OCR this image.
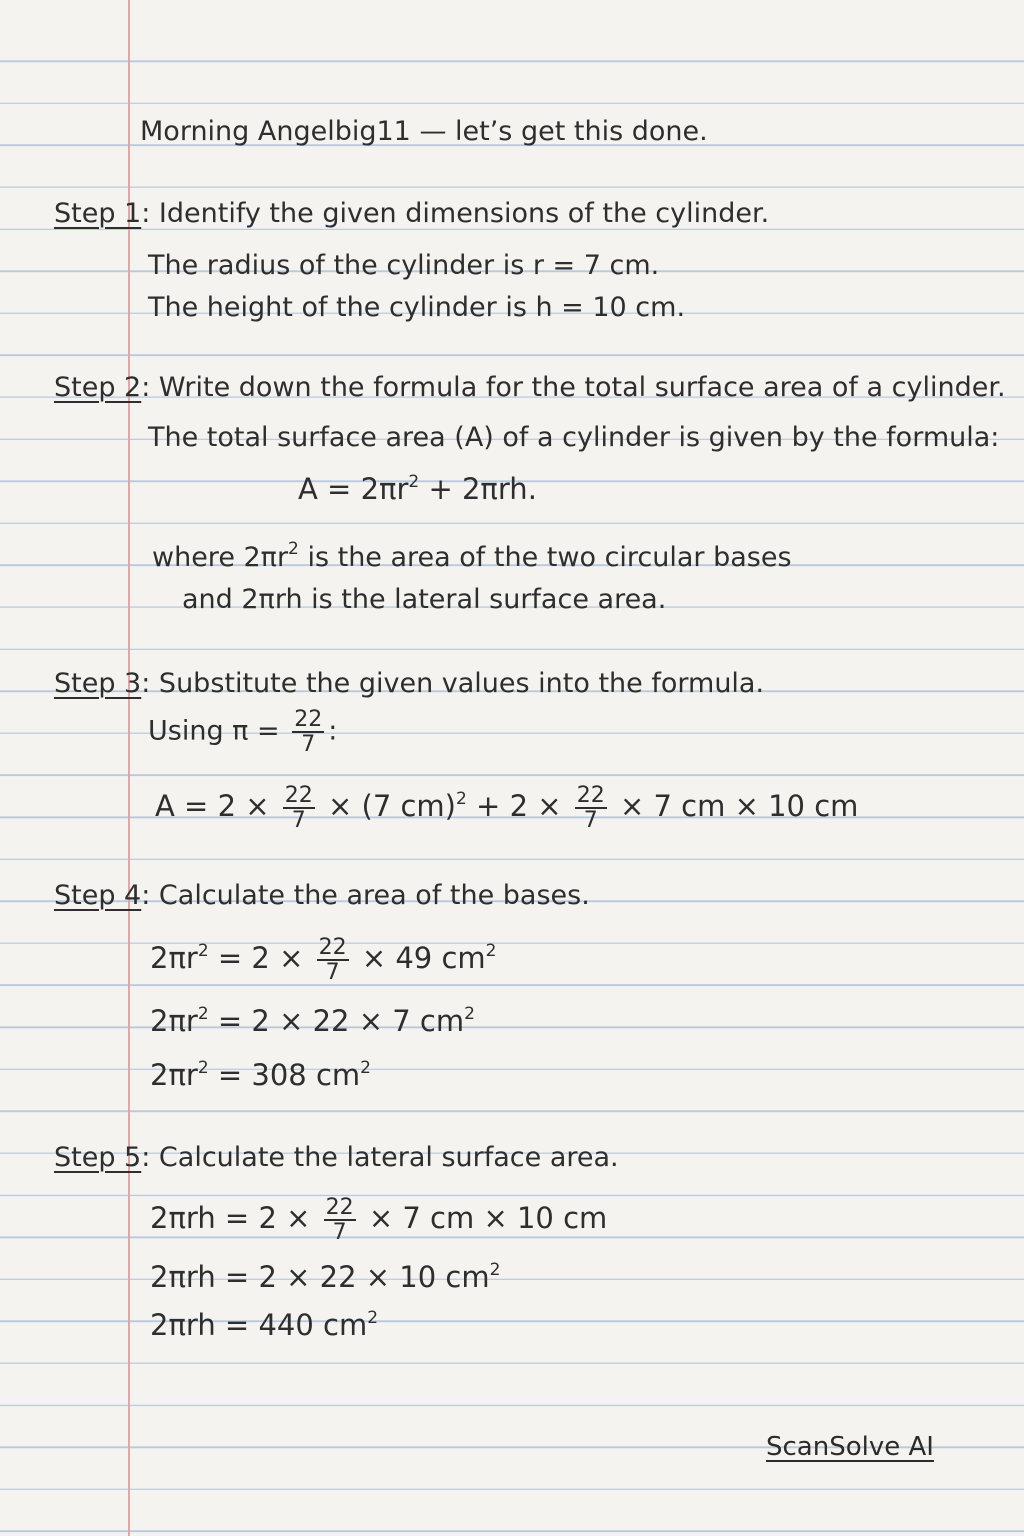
Morning Angelbig11 — let’s get this done.
Step 1: Identify the given dimensions of the cylinder.
The radius of the cylinder is r = 7 cm.
The height of the cylinder is h = 10 cm.
Step 2: Write down the formula for the total surface area of a cylinder.
The total surface area (A) of a cylinder is given by the formula:
$A = 2\pi r^2 + 2\pi rh$.
where $2\pi r^2$ is the area of the two circular bases
and 2πrh is the lateral surface area.
Step 3: Substitute the given values into the formula.
Using $\pi = \frac{22}{7}$ :
$A = 2 \times \frac{22}{7} \times (7$ $cm)^2 + 2 \times \frac{22}{7} \times 7$ cm × 10 cm
Step 4: Calculate the area of the bases.
$2\pi r^2 = 2 \times \frac{22}{7} \times 49$ $cm^2$
$2\pi r^2 = 2 \times 22 \times 7$ $cm^2$
$2\pi r^2 = 308$ $cm^2$
Step 5: Calculate the lateral surface area.
$2\pi rh = 2 \times \frac{22}{7} \times 7$ cm × 10 cm
2πrh = 2 × 22 × 10 $cm^2$
2πrh = 440 $cm^2$
ScanSolve AI
